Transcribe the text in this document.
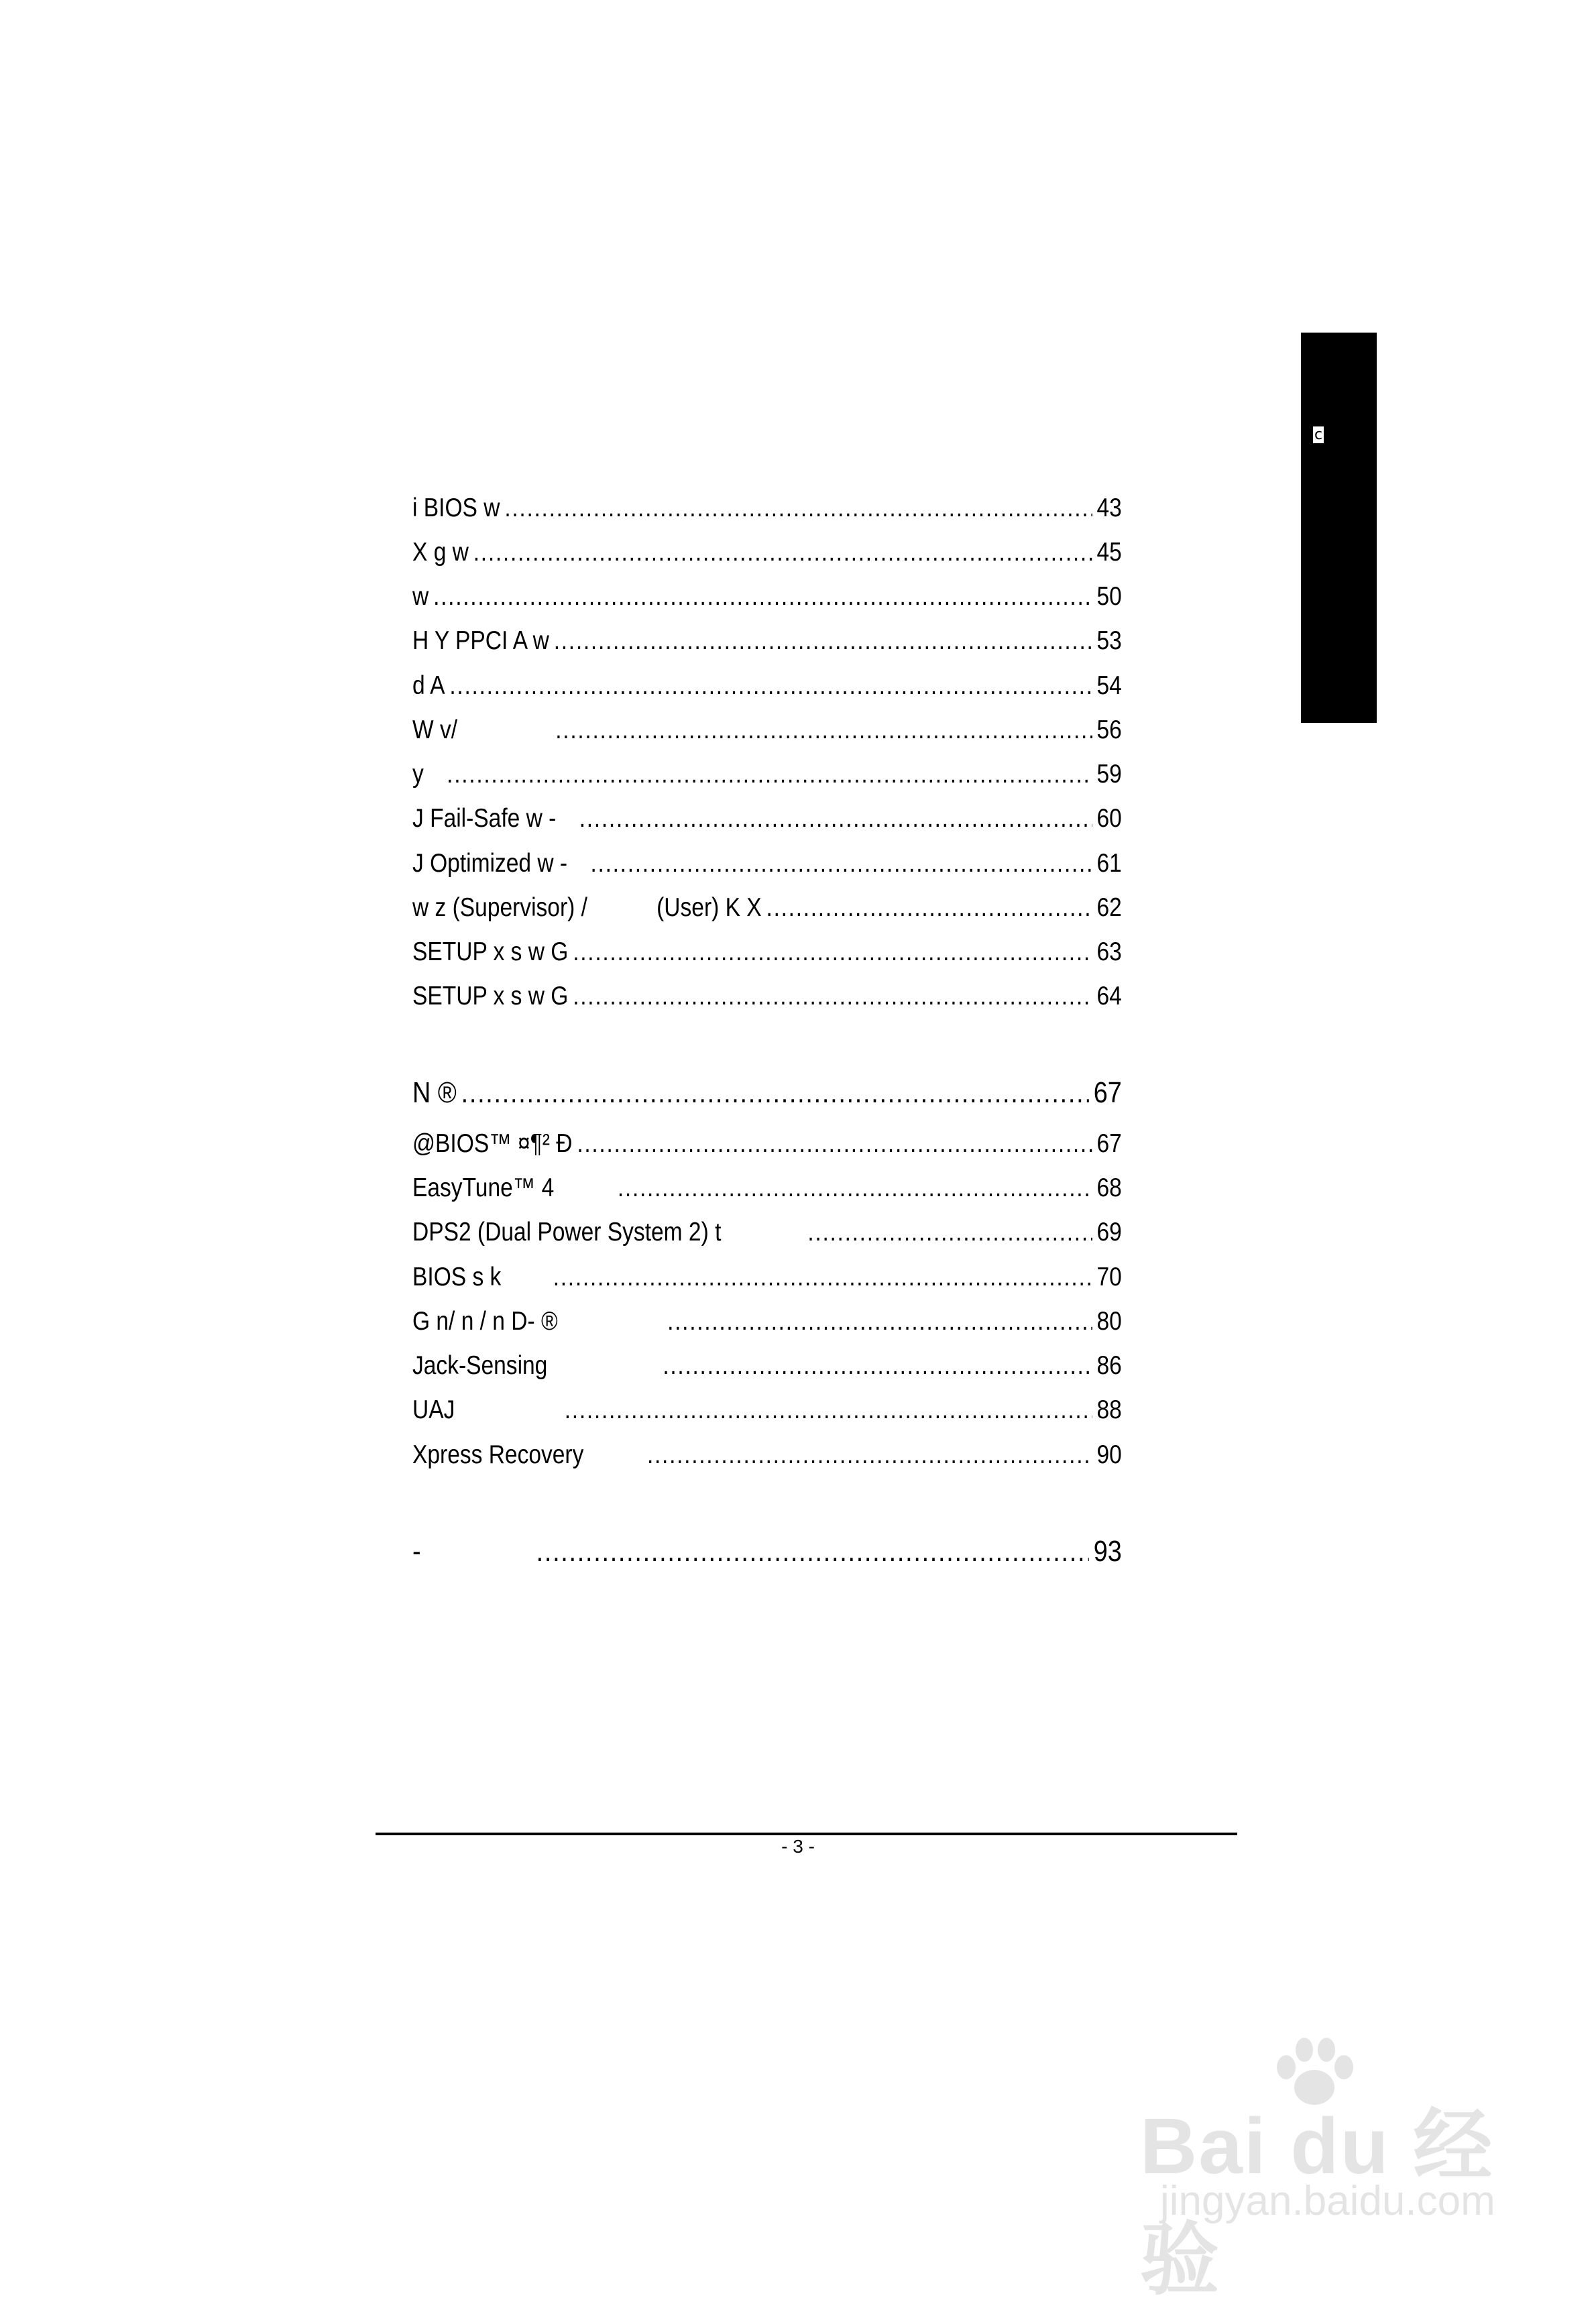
c
i BIOS w .....	43
X g w .....	45
w .....	50
H Y PPCI A w .....	53
d A .....	54
W v/ .....	56
y .....	59
J Fail-Safe w - .....	60
J Optimized w - .....	61
w z (Supervisor) /	(User) K X .....	62
SETUP x s w G .....	63
SETUP x s w G .....	64
N ® .....	67
@BIOS™ ¤¶² Ð .....	67
EasyTune™ 4 .....	68
DPS2 (Dual Power System 2) t .....	69
BIOS s k .....	70
G n/ n / n D- ® .....	80
Jack-Sensing .....	86
UAJ .....	88
Xpress Recovery .....	90
- .....	93
- 3 -
Bai du 经验
jingyan.baidu.com
